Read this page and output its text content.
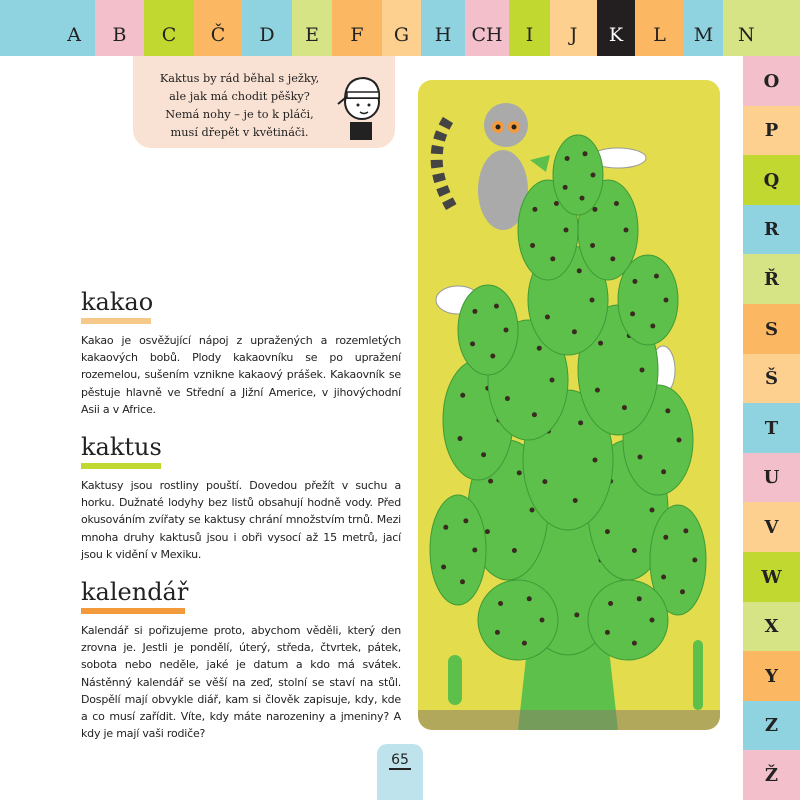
A	B	C	Č	D	E	F	G	H	CH	I	J	K	L	M	N
O
P
Q
R
Ř
S
Š
T
U
V
W
X
Y
Z
Ž
Kaktus by rád běhal s ježky,
ale jak má chodit pěšky?
Nemá nohy – je to k pláči,
musí dřepět v květináči.
kakao

Kakao je osvěžující nápoj z upražených a rozemletých kakaových bobů. Plody kakaovníku se po upražení rozemelou, sušením vznikne kakaový prášek. Kakaovník se pěstuje hlavně ve Střední a Jižní Americe, v jihovýchodní Asii a v Africe.

kaktus

Kaktusy jsou rostliny pouští. Dovedou přežít v suchu a horku. Dužnaté lodyhy bez listů obsahují hodně vody. Před okusováním zvířaty se kaktusy chrání množstvím trnů. Mezi mnoha druhy kaktusů jsou i obři vysocí až 15 metrů, jací jsou k vidění v Mexiku.

kalendář

Kalendář si pořizujeme proto, abychom věděli, který den zrovna je. Jestli je pondělí, úterý, středa, čtvrtek, pátek, sobota nebo neděle, jaké je datum a kdo má svátek. Nástěnný kalendář se věší na zeď, stolní se staví na stůl. Dospělí mají obvykle diář, kam si člověk zapisuje, kdy, kde a co musí zařídit. Víte, kdy máte narozeniny a jmeniny? A kdy je mají vaši rodiče?

65
